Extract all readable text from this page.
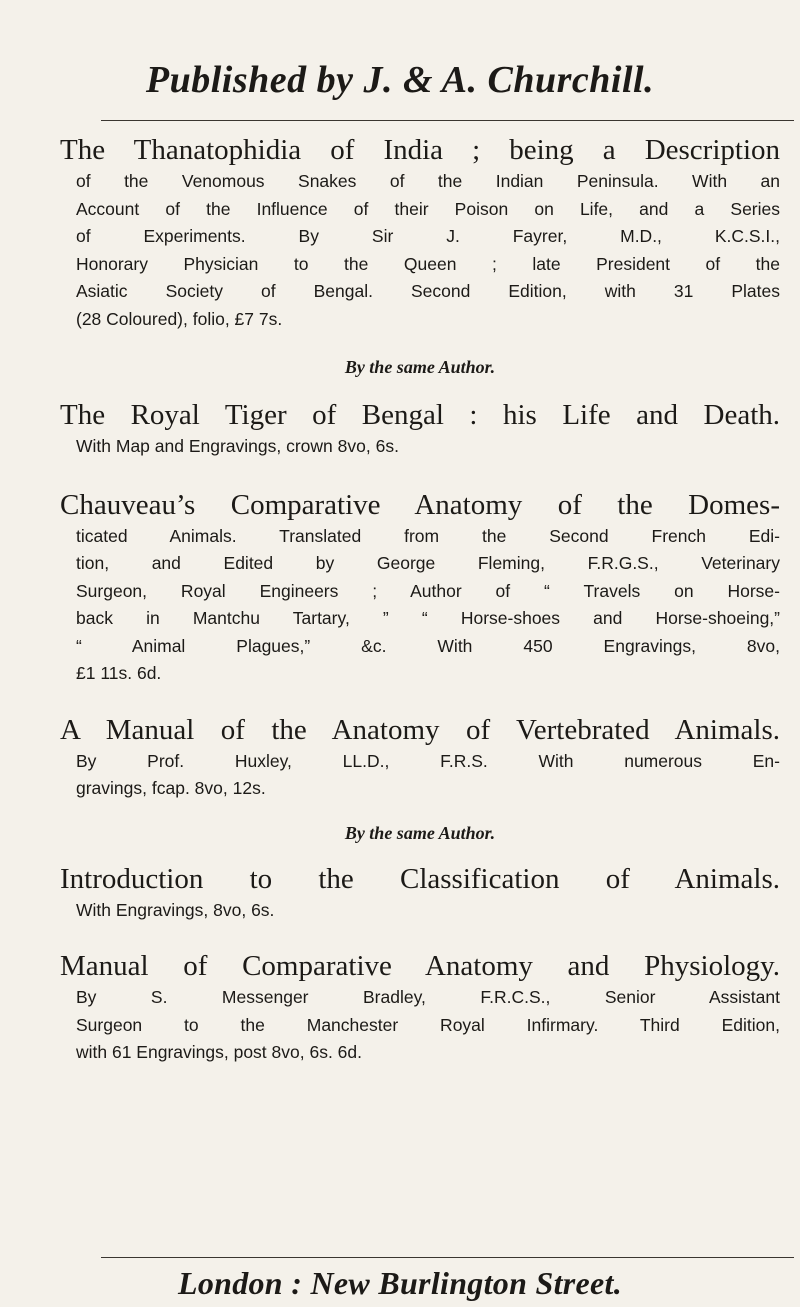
Published by J. & A. Churchill.
The Thanatophidia of India ; being a Description
of the Venomous Snakes of the Indian Peninsula. With an
Account of the Influence of their Poison on Life, and a Series
of Experiments. By Sir J. Fayrer, M.D., K.C.S.I.,
Honorary Physician to the Queen ; late President of the
Asiatic Society of Bengal. Second Edition, with 31 Plates
(28 Coloured), folio, £7 7s.
By the same Author.
The Royal Tiger of Bengal : his Life and Death.
With Map and Engravings, crown 8vo, 6s.
Chauveau’s Comparative Anatomy of the Domes-
ticated Animals. Translated from the Second French Edi-
tion, and Edited by George Fleming, F.R.G.S., Veterinary
Surgeon, Royal Engineers ; Author of “ Travels on Horse-
back in Mantchu Tartary, ” “ Horse-shoes and Horse-shoeing,”
“ Animal Plagues,” &c. With 450 Engravings, 8vo,
£1 11s. 6d.
A Manual of the Anatomy of Vertebrated Animals.
By Prof. Huxley, LL.D., F.R.S. With numerous En-
gravings, fcap. 8vo, 12s.
By the same Author.
Introduction to the Classification of Animals.
With Engravings, 8vo, 6s.
Manual of Comparative Anatomy and Physiology.
By S. Messenger Bradley, F.R.C.S., Senior Assistant
Surgeon to the Manchester Royal Infirmary. Third Edition,
with 61 Engravings, post 8vo, 6s. 6d.
London : New Burlington Street.
